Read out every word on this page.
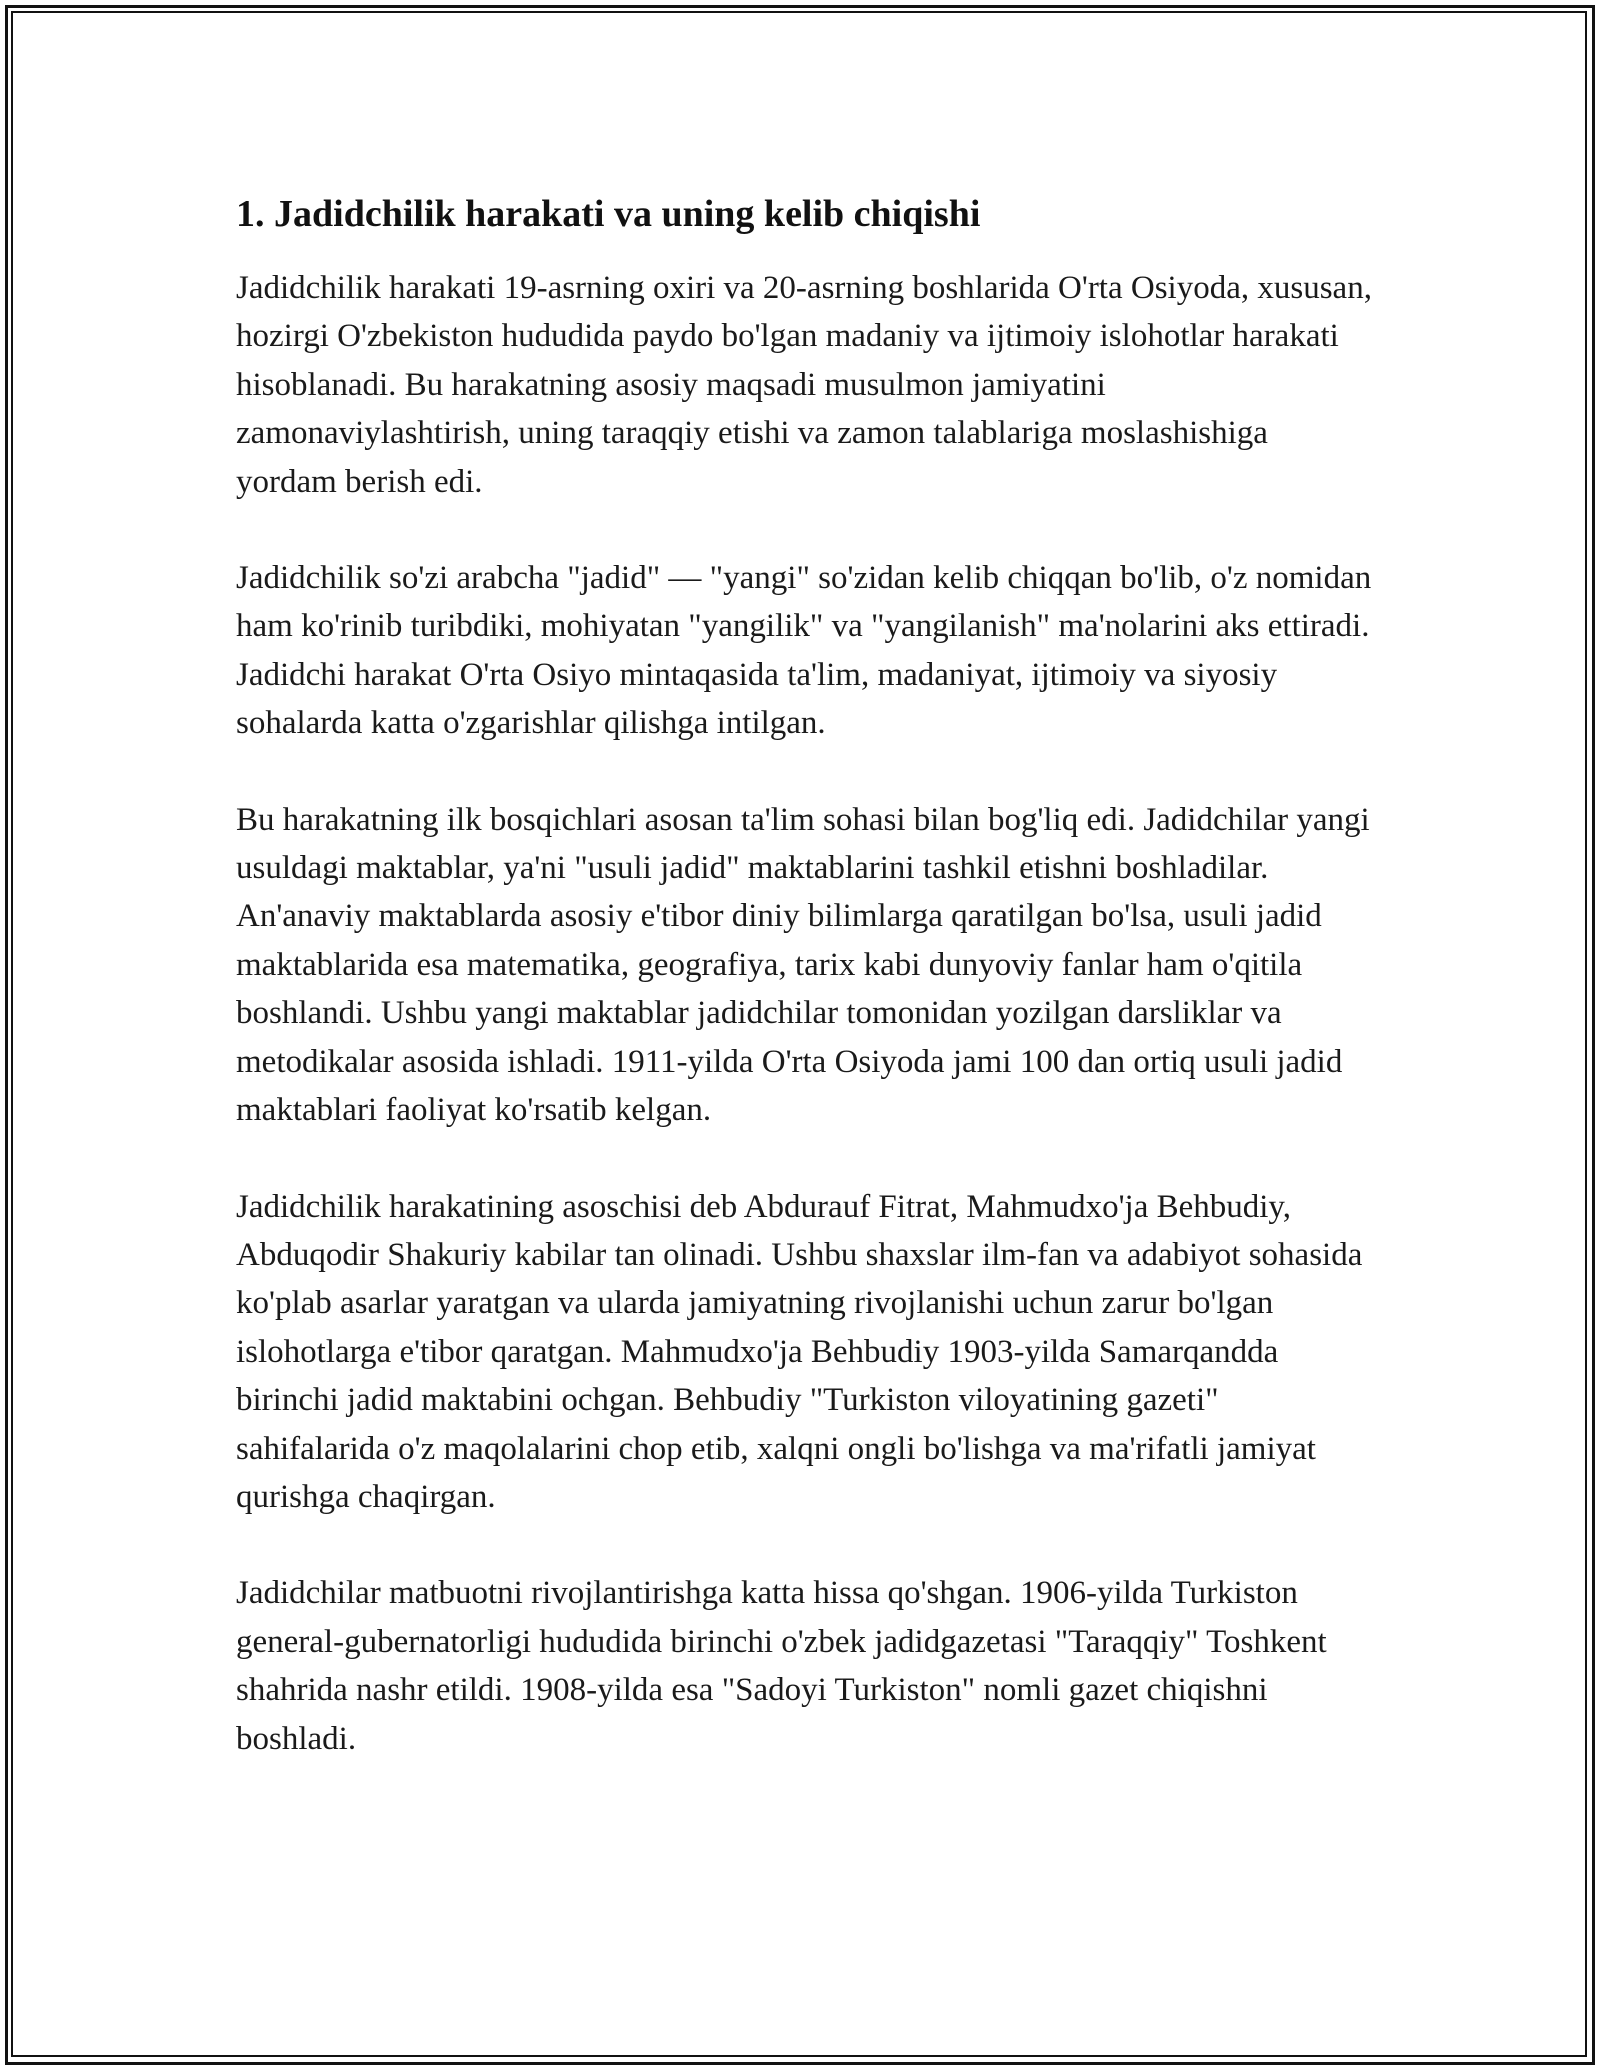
1. Jadidchilik harakati va uning kelib chiqishi

Jadidchilik harakati 19-asrning oxiri va 20-asrning boshlarida O'rta Osiyoda, xususan, hozirgi O'zbekiston hududida paydo bo'lgan madaniy va ijtimoiy islohotlar harakati hisoblanadi. Bu harakatning asosiy maqsadi musulmon jamiyatini zamonaviylashtirish, uning taraqqiy etishi va zamon talablariga moslashishiga yordam berish edi.

Jadidchilik so'zi arabcha "jadid" — "yangi" so'zidan kelib chiqqan bo'lib, o'z nomidan ham ko'rinib turibdiki, mohiyatan "yangilik" va "yangilanish" ma'nolarini aks ettiradi. Jadidchi harakat O'rta Osiyo mintaqasida ta'lim, madaniyat, ijtimoiy va siyosiy sohalarda katta o'zgarishlar qilishga intilgan.

Bu harakatning ilk bosqichlari asosan ta'lim sohasi bilan bog'liq edi. Jadidchilar yangi usuldagi maktablar, ya'ni "usuli jadid" maktablarini tashkil etishni boshladilar. An'anaviy maktablarda asosiy e'tibor diniy bilimlarga qaratilgan bo'lsa, usuli jadid maktablarida esa matematika, geografiya, tarix kabi dunyoviy fanlar ham o'qitila boshlandi. Ushbu yangi maktablar jadidchilar tomonidan yozilgan darsliklar va metodikalar asosida ishladi. 1911-yilda O'rta Osiyoda jami 100 dan ortiq usuli jadid maktablari faoliyat ko'rsatib kelgan.

Jadidchilik harakatining asoschisi deb Abdurauf Fitrat, Mahmudxo'ja Behbudiy, Abduqodir Shakuriy kabilar tan olinadi. Ushbu shaxslar ilm-fan va adabiyot sohasida ko'plab asarlar yaratgan va ularda jamiyatning rivojlanishi uchun zarur bo'lgan islohotlarga e'tibor qaratgan. Mahmudxo'ja Behbudiy 1903-yilda Samarqandda birinchi jadid maktabini ochgan. Behbudiy "Turkiston viloyatining gazeti" sahifalarida o'z maqolalarini chop etib, xalqni ongli bo'lishga va ma'rifatli jamiyat qurishga chaqirgan.

Jadidchilar matbuotni rivojlantirishga katta hissa qo'shgan. 1906-yilda Turkiston general-gubernatorligi hududida birinchi o'zbek jadidgazetasi "Taraqqiy" Toshkent shahrida nashr etildi. 1908-yilda esa "Sadoyi Turkiston" nomli gazet chiqishni boshladi.
